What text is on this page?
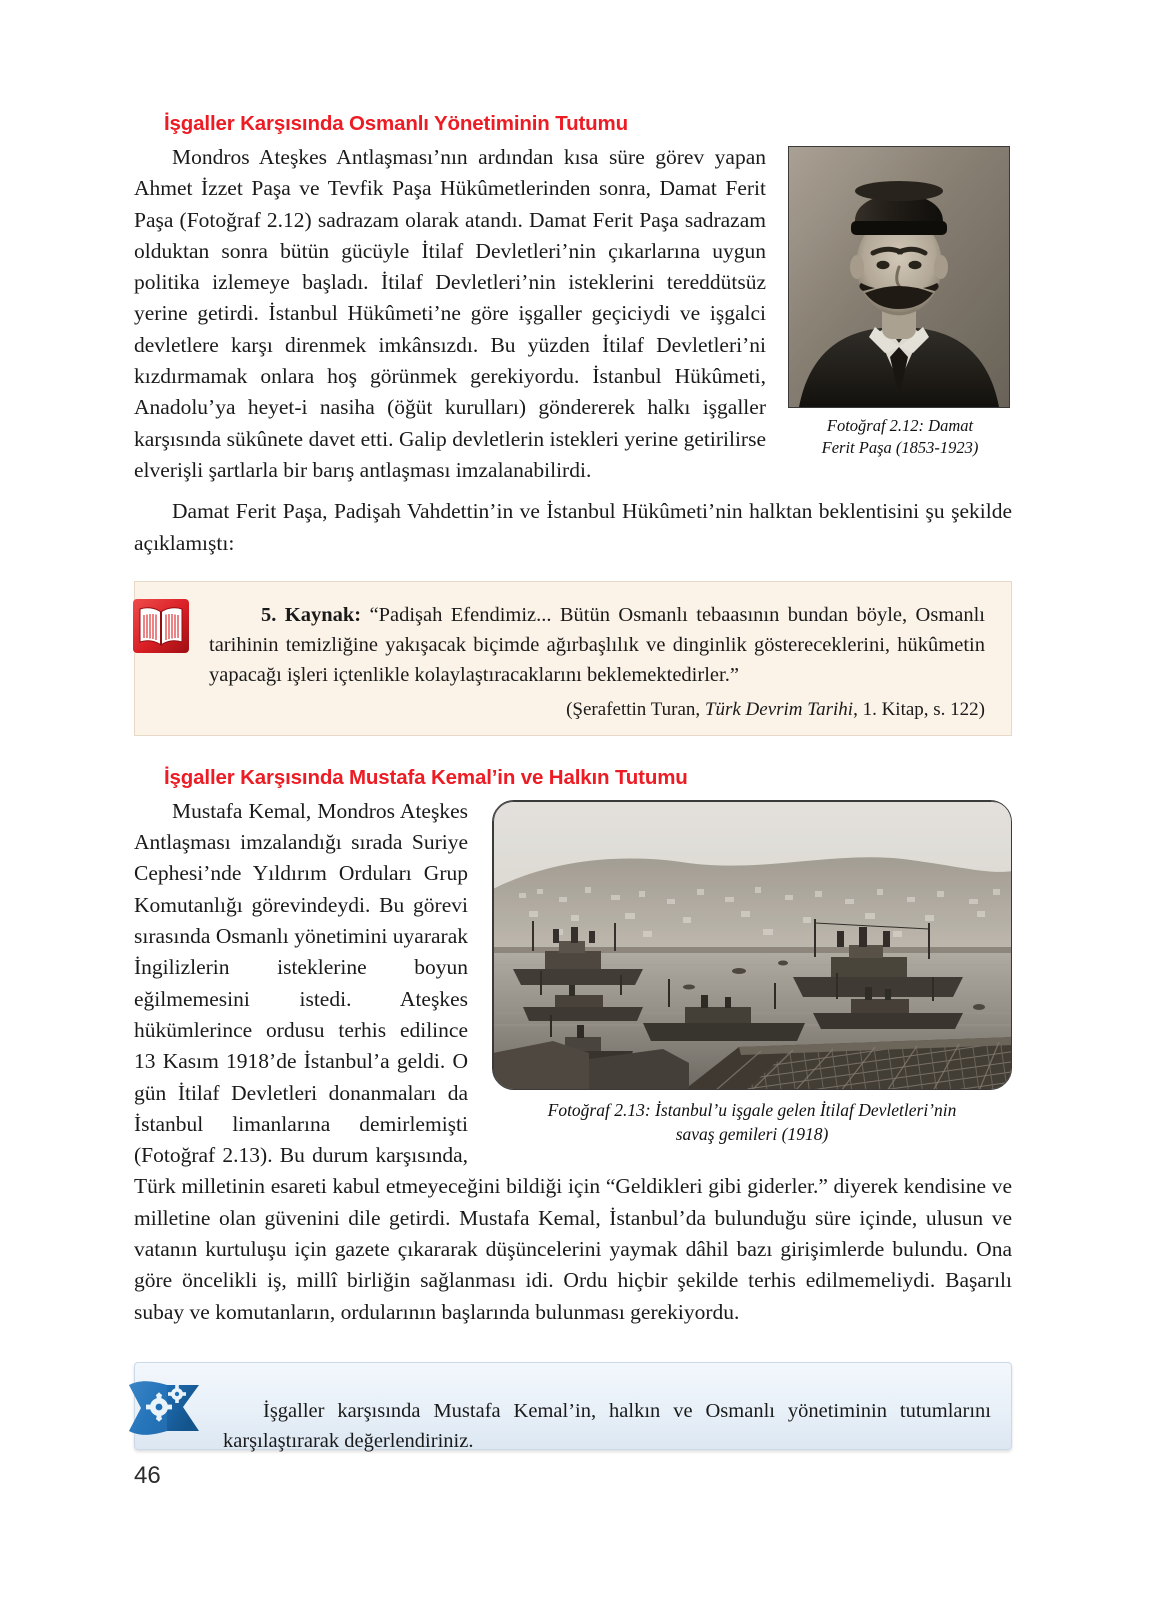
İşgaller Karşısında Osmanlı Yönetiminin Tutumu
Fotoğraf 2.12: Damat
Ferit Paşa (1853-1923)

Mondros Ateşkes Antlaşması’nın ardından kısa süre görev yapan Ahmet İzzet Paşa ve Tevfik Paşa Hükûmetlerinden sonra, Damat Ferit Paşa (Fotoğraf 2.12) sadrazam olarak atandı. Damat Ferit Paşa sadrazam olduktan sonra bütün gücüyle İtilaf Devletleri’nin çıkarlarına uygun politika izlemeye başladı. İtilaf Devletleri’nin isteklerini tereddütsüz yerine getirdi. İstanbul Hükûmeti’ne göre işgaller geçiciydi ve işgalci devletlere karşı direnmek imkânsızdı. Bu yüzden İtilaf Devletleri’ni kızdırmamak onlara hoş görünmek gerekiyordu. İstanbul Hükûmeti, Anadolu’ya heyet-i nasiha (öğüt kurulları) göndererek halkı işgaller karşısında sükûnete davet etti. Galip devletlerin istekleri yerine getirilirse elverişli şartlarla bir barış antlaşması imzalanabilirdi.

Damat Ferit Paşa, Padişah Vahdettin’in ve İstanbul Hükûmeti’nin halktan beklentisini şu şekilde açıklamıştı:

5. Kaynak: “Padişah Efendimiz... Bütün Osmanlı tebaasının bundan böyle, Osmanlı tarihinin temizliğine yakışacak biçimde ağırbaşlılık ve dinginlik göstereceklerini, hükûmetin yapacağı işleri içtenlikle kolaylaştıracaklarını beklemektedirler.”

(Şerafettin Turan, Türk Devrim Tarihi, 1. Kitap, s. 122)

İşgaller Karşısında Mustafa Kemal’in ve Halkın Tutumu
Fotoğraf 2.13: İstanbul’u işgale gelen İtilaf Devletleri’nin
savaş gemileri (1918)

Mustafa Kemal, Mondros Ateşkes Antlaşması imzalandığı sırada Suriye Cephesi’nde Yıldırım Orduları Grup Komutanlığı görevindeydi. Bu görevi sırasında Osmanlı yönetimini uyararak İngilizlerin isteklerine boyun eğilmemesini istedi. Ateşkes hükümlerince ordusu terhis edilince 13 Kasım 1918’de İstanbul’a geldi. O gün İtilaf Devletleri donanmaları da İstanbul limanlarına demirlemişti (Fotoğraf 2.13). Bu durum karşısında, Türk milletinin esareti kabul etmeyeceğini bildiği için “Geldikleri gibi giderler.” diyerek kendisine ve milletine olan güvenini dile getirdi. Mustafa Kemal, İstanbul’da bulunduğu süre içinde, ulusun ve vatanın kurtuluşu için gazete çıkararak düşüncelerini yaymak dâhil bazı girişimlerde bulundu. Ona göre öncelikli iş, millî birliğin sağlanması idi. Ordu hiçbir şekilde terhis edilmemeliydi. Başarılı subay ve komutanların, ordularının başlarında bulunması gerekiyordu.

İşgaller karşısında Mustafa Kemal’in, halkın ve Osmanlı yönetiminin tutumlarını karşılaştırarak değerlendiriniz.

46
